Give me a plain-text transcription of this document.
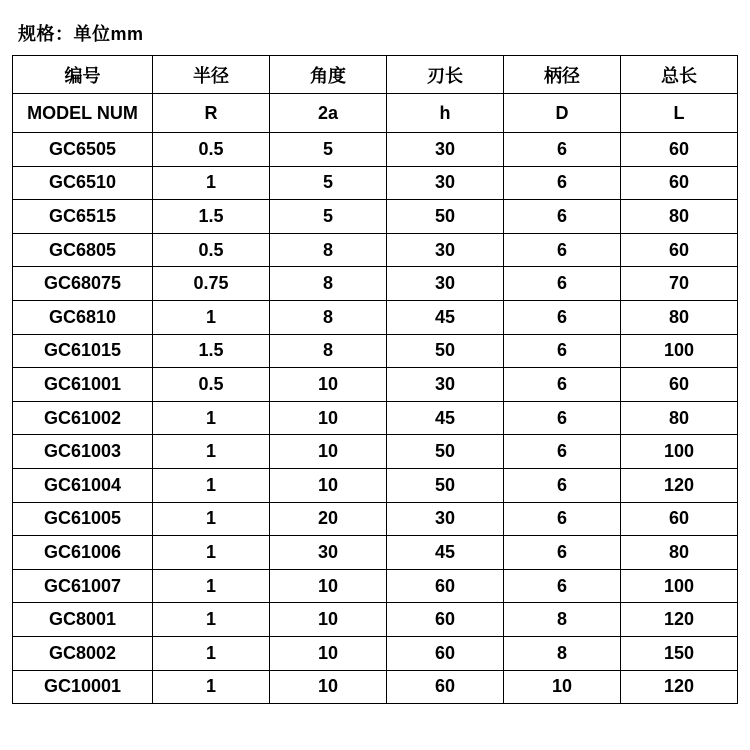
规格：单位mm
编号	半径	角度	刃长	柄径	总长
MODEL NUM	R	2a	h	D	L
GC6505	0.5	5	30	6	60
GC6510	1	5	30	6	60
GC6515	1.5	5	50	6	80
GC6805	0.5	8	30	6	60
GC68075	0.75	8	30	6	70
GC6810	1	8	45	6	80
GC61015	1.5	8	50	6	100
GC61001	0.5	10	30	6	60
GC61002	1	10	45	6	80
GC61003	1	10	50	6	100
GC61004	1	10	50	6	120
GC61005	1	20	30	6	60
GC61006	1	30	45	6	80
GC61007	1	10	60	6	100
GC8001	1	10	60	8	120
GC8002	1	10	60	8	150
GC10001	1	10	60	10	120
